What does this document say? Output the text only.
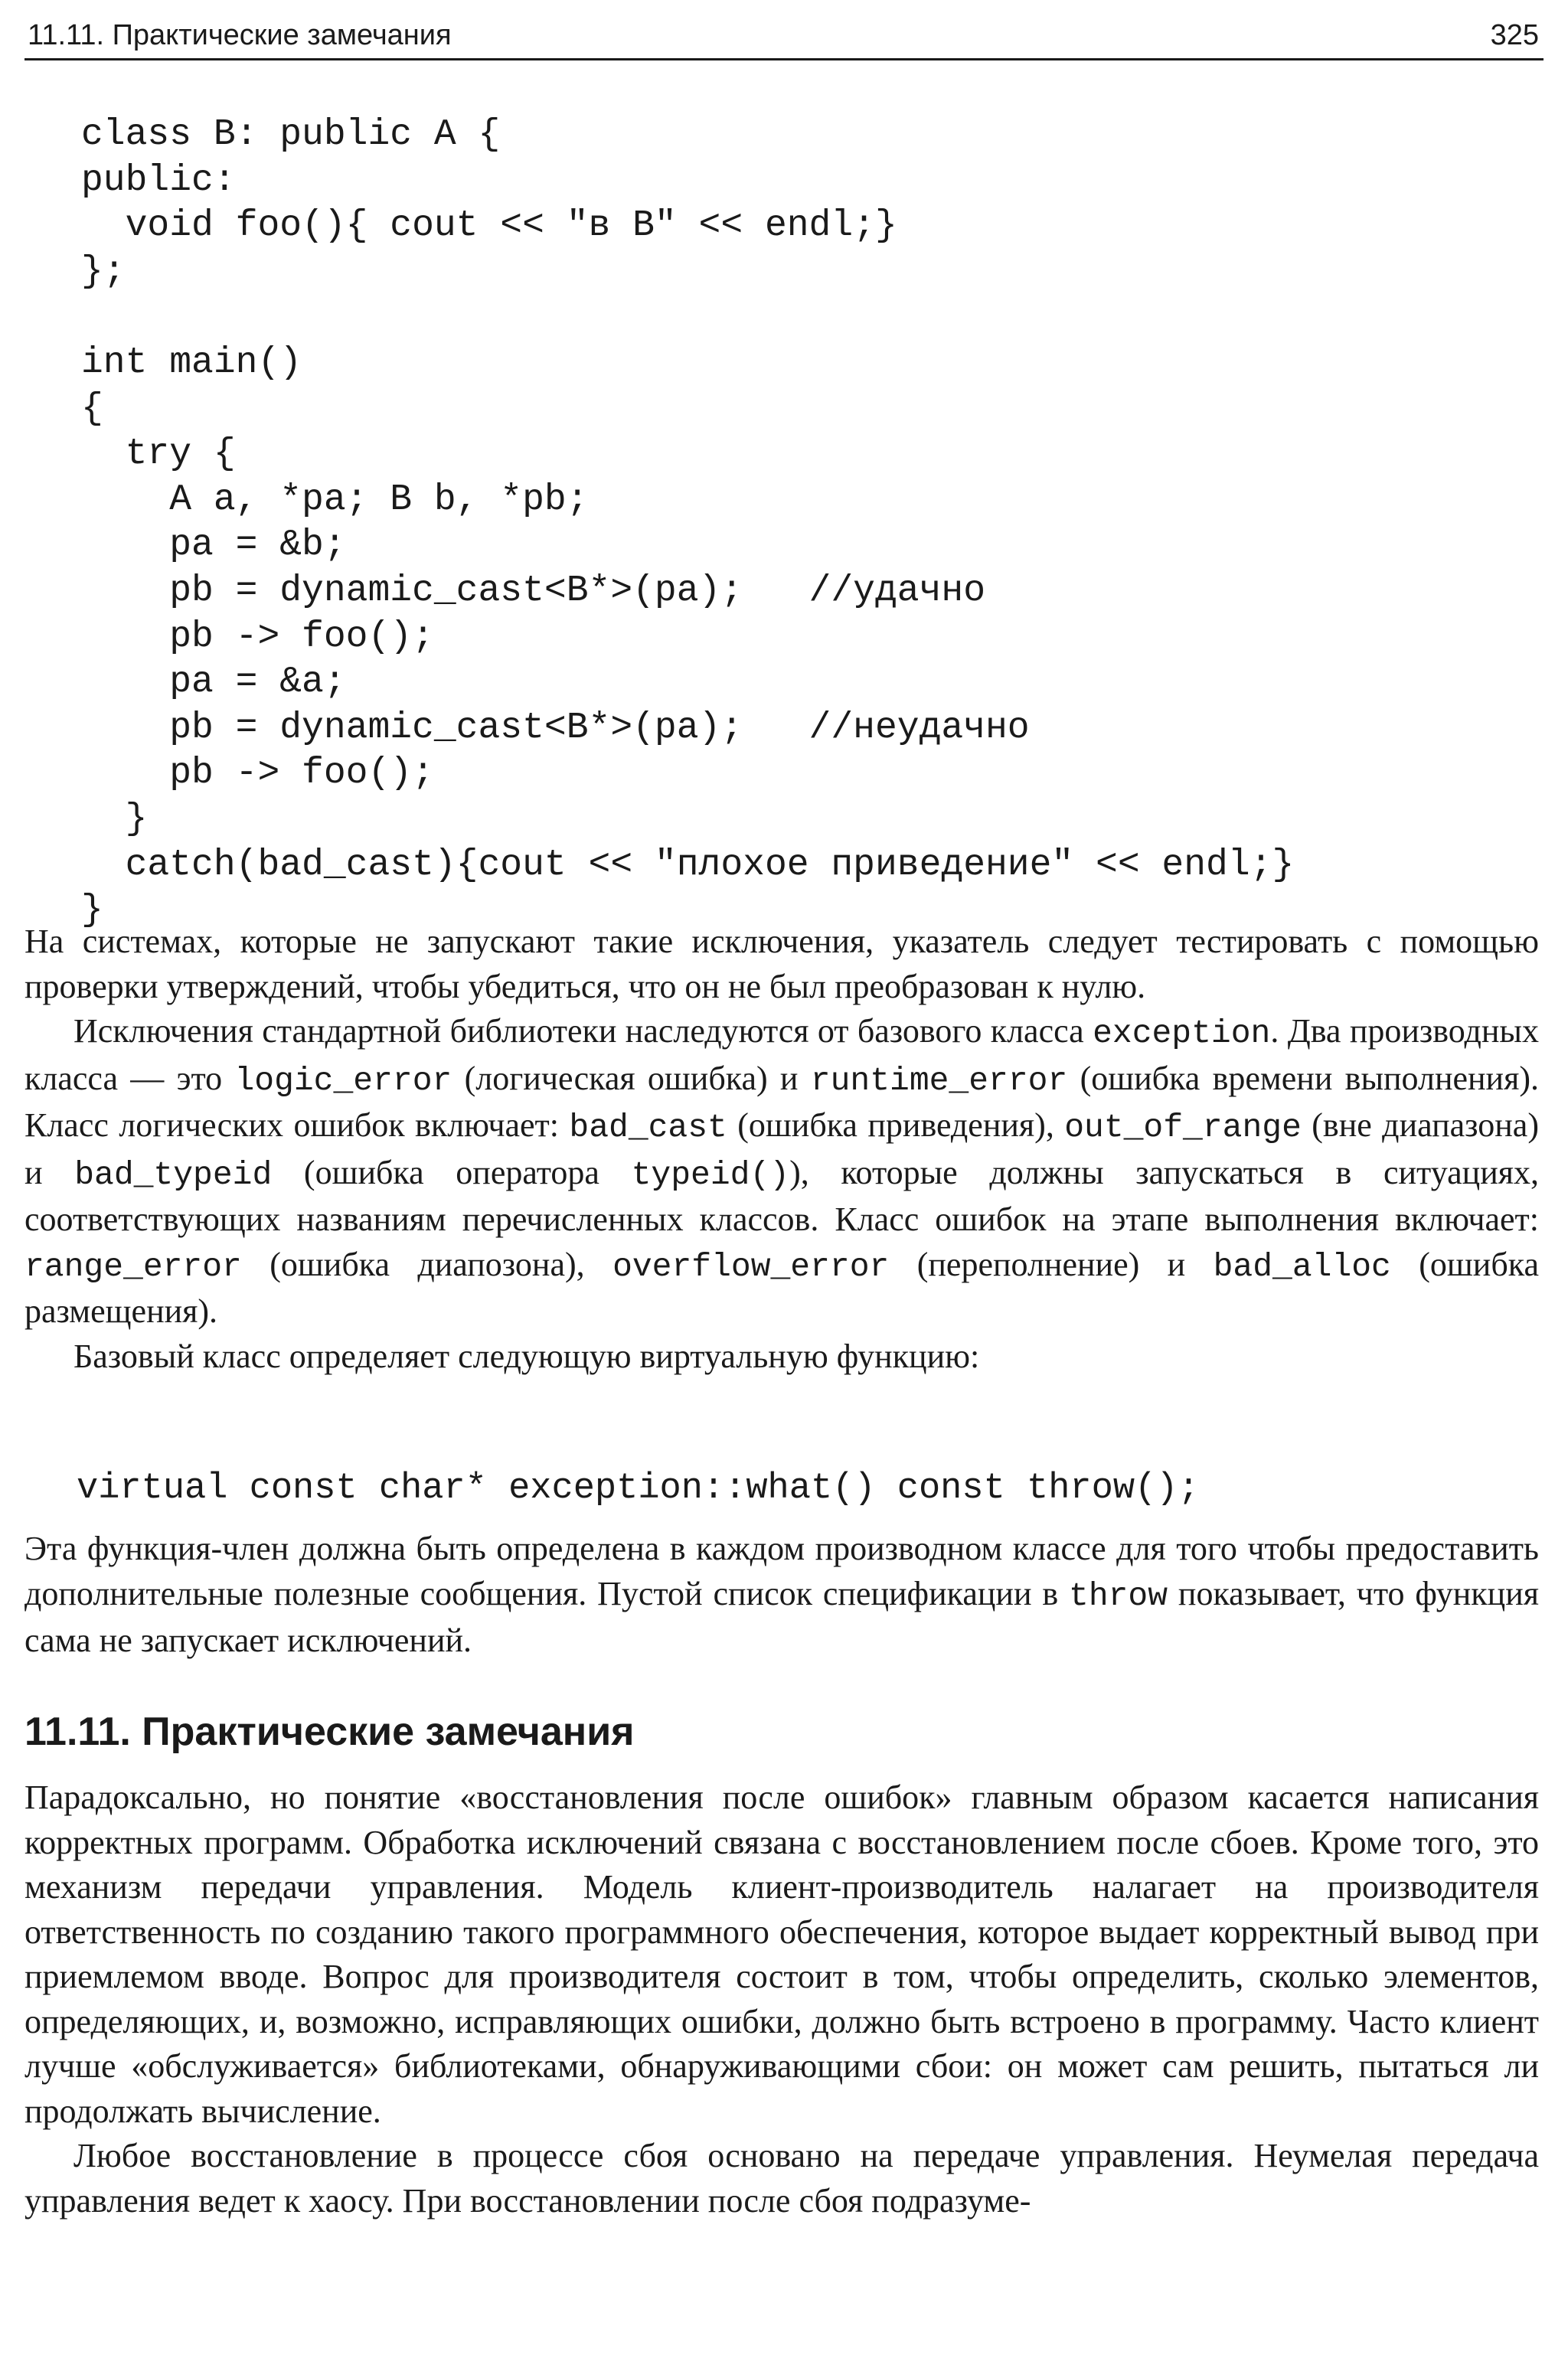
11.11. Практические замечания	325
class B: public A {
public:
void foo(){ cout << "в B" << endl;}
};

int main()
{
try {
A a, *pa; B b, *pb;
pa = &b;
pb = dynamic_cast<B*>(pa);   //удачно
pb -> foo();
pa = &a;
pb = dynamic_cast<B*>(pa);   //неудачно
pb -> foo();
}
catch(bad_cast){cout << "плохое приведение" << endl;}
}

На системах, которые не запускают такие исключения, указатель следует тестировать с помощью проверки утверждений, чтобы убедиться, что он не был преобразован к нулю.

Исключения стандартной библиотеки наследуются от базового класса exception. Два производных класса — это logic_error (логическая ошибка) и runtime_error (ошибка времени выполнения). Класс логических ошибок включает: bad_cast (ошибка приведения), out_of_range (вне диапазона) и bad_typeid (ошибка оператора typeid()), которые должны запускаться в ситуациях, соответствующих названиям перечисленных классов. Класс ошибок на этапе выполнения включает: range_error (ошибка диапозона), overflow_error (переполнение) и bad_alloc (ошибка размещения).

Базовый класс определяет следующую виртуальную функцию:

virtual const char* exception::what() const throw();

Эта функция-член должна быть определена в каждом производном классе для того чтобы предоставить дополнительные полезные сообщения. Пустой список спецификации в throw показывает, что функция сама не запускает исключений.

11.11. Практические замечания

Парадоксально, но понятие «восстановления после ошибок» главным образом касается написания корректных программ. Обработка исключений связана с восстановлением после сбоев. Кроме того, это механизм передачи управления. Модель клиент-производитель налагает на производителя ответственность по созданию такого программного обеспечения, которое выдает корректный вывод при приемлемом вводе. Вопрос для производителя состоит в том, чтобы определить, сколько элементов, определяющих, и, возможно, исправляющих ошибки, должно быть встроено в программу. Часто клиент лучше «обслуживается» библиотеками, обнаруживающими сбои: он может сам решить, пытаться ли продолжать вычисление.

Любое восстановление в процессе сбоя основано на передаче управления. Неумелая передача управления ведет к хаосу. При восстановлении после сбоя подразуме-
